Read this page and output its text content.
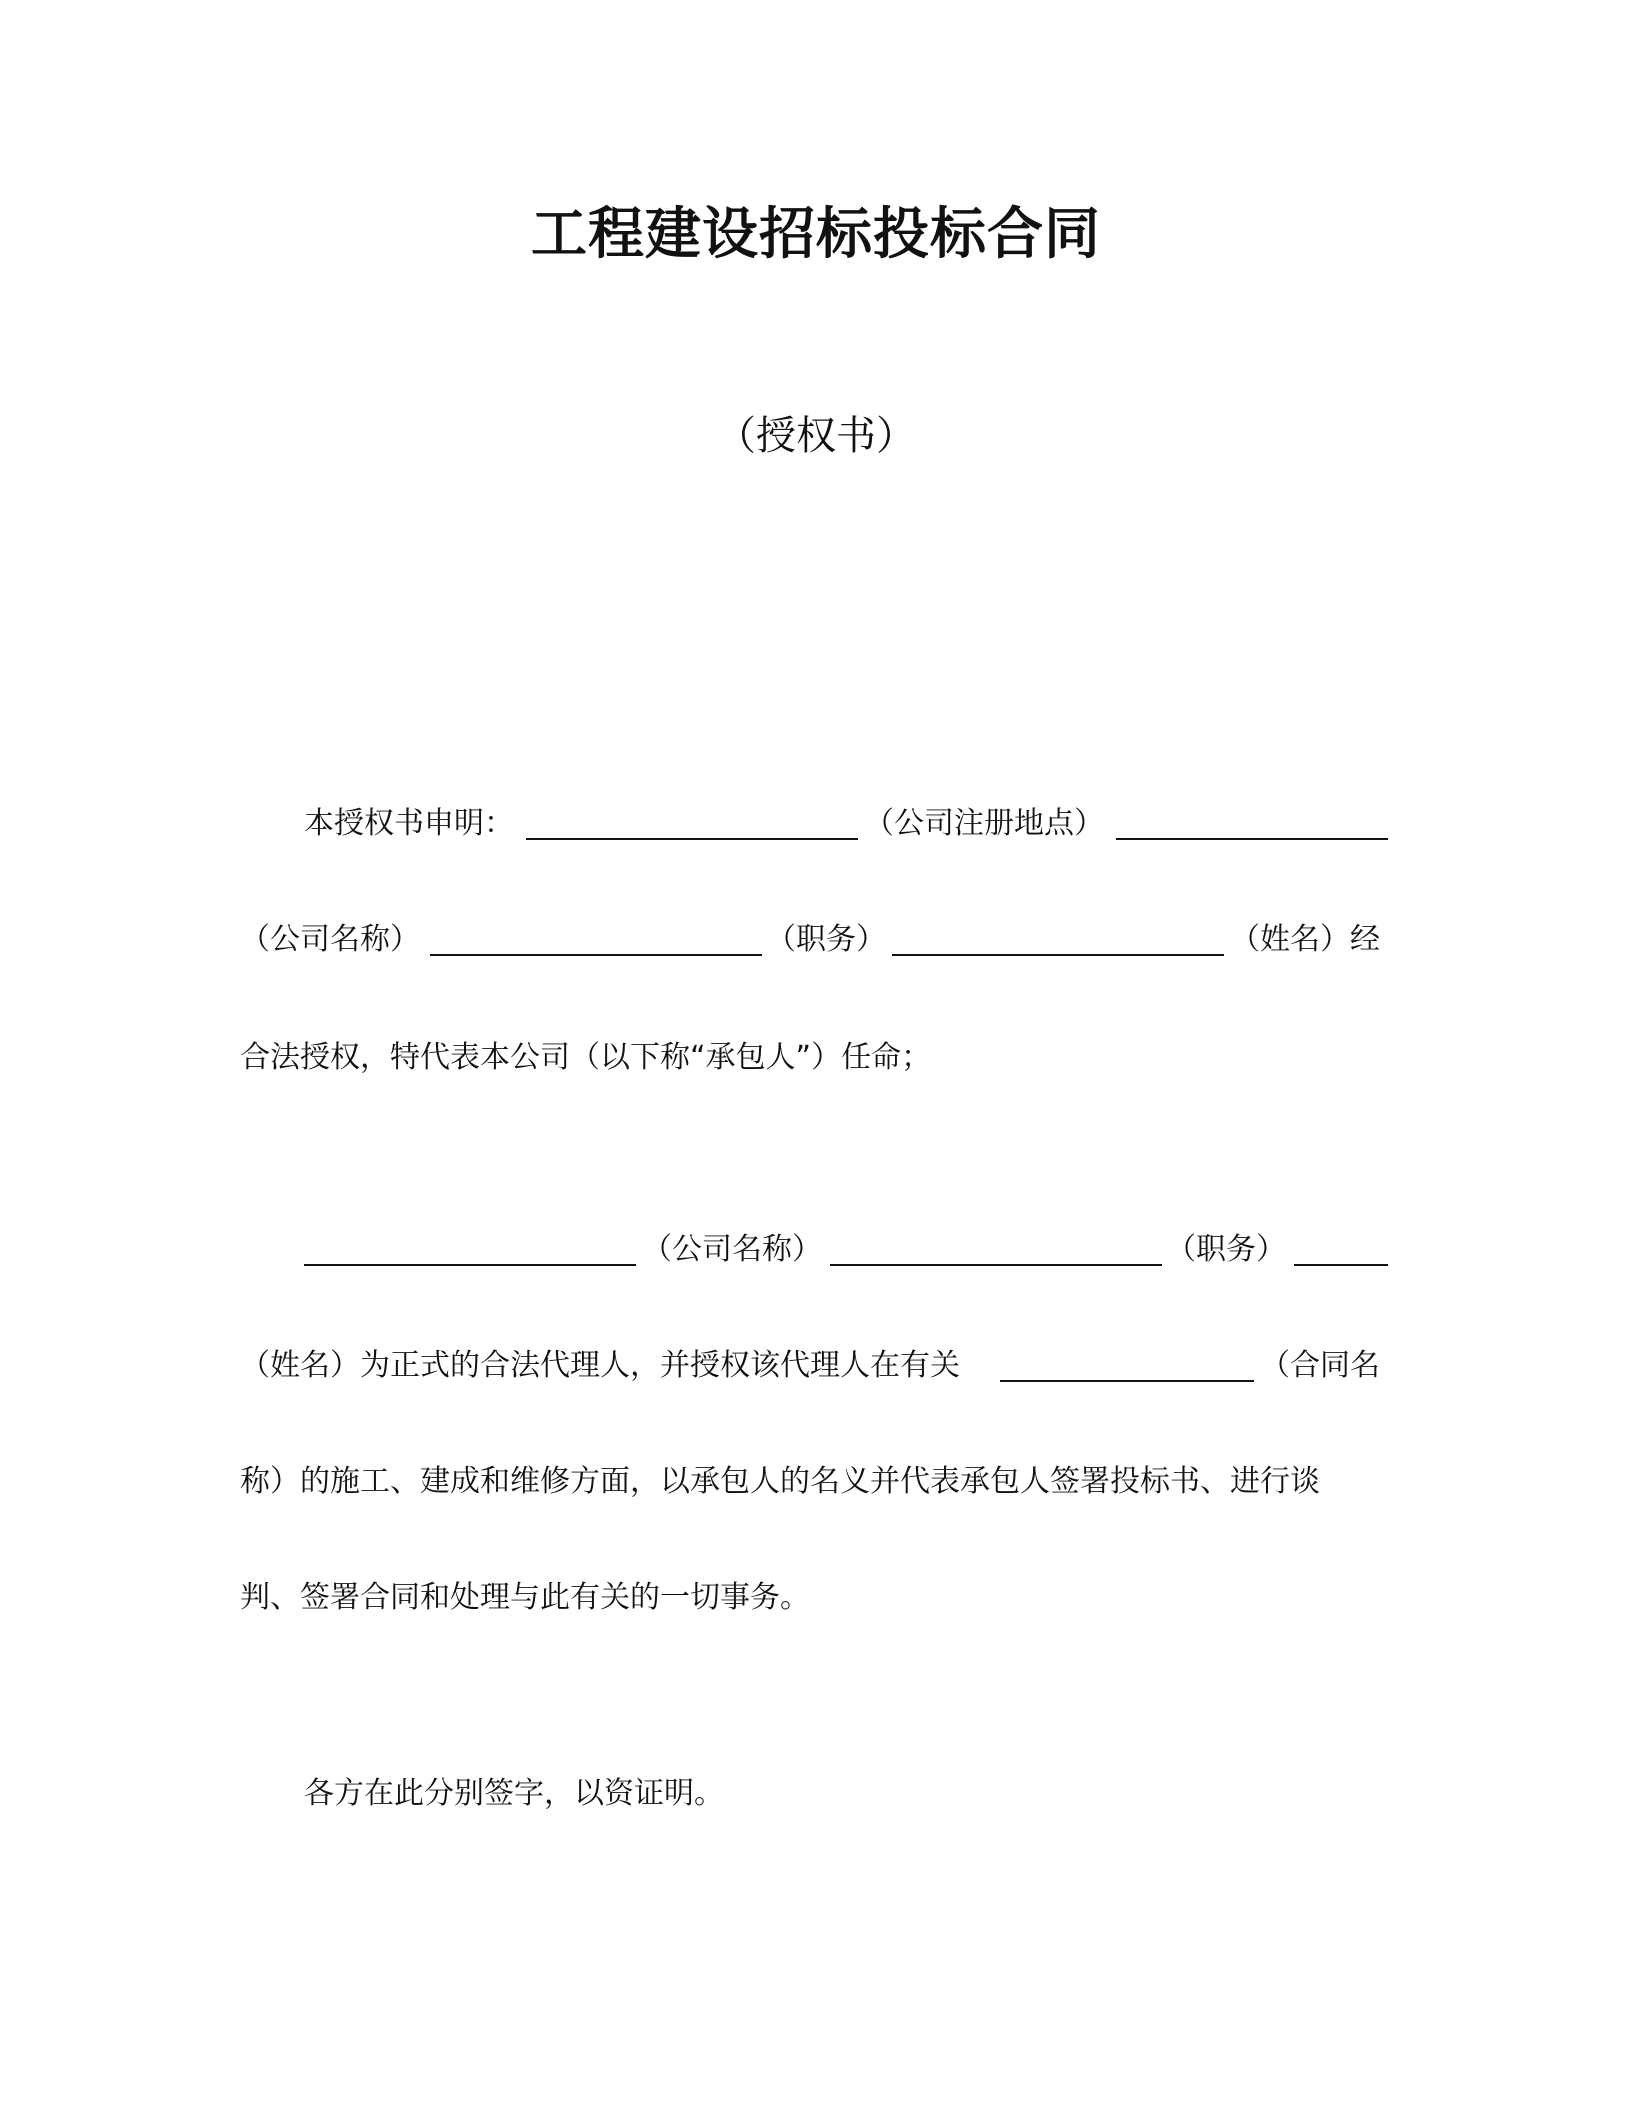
工程建设招标投标合同
（授权书）
本授权书申明：	（公司注册地点）
（公司名称）	（职务）	（姓名）经
合法授权，特代表本公司（以下称“承包人”）任命；
（公司名称）	（职务）
（姓名）为正式的合法代理人，并授权该代理人在有关	（合同名
称）的施工、建成和维修方面，以承包人的名义并代表承包人签署投标书、进行谈
判、签署合同和处理与此有关的一切事务。
各方在此分别签字，以资证明。
